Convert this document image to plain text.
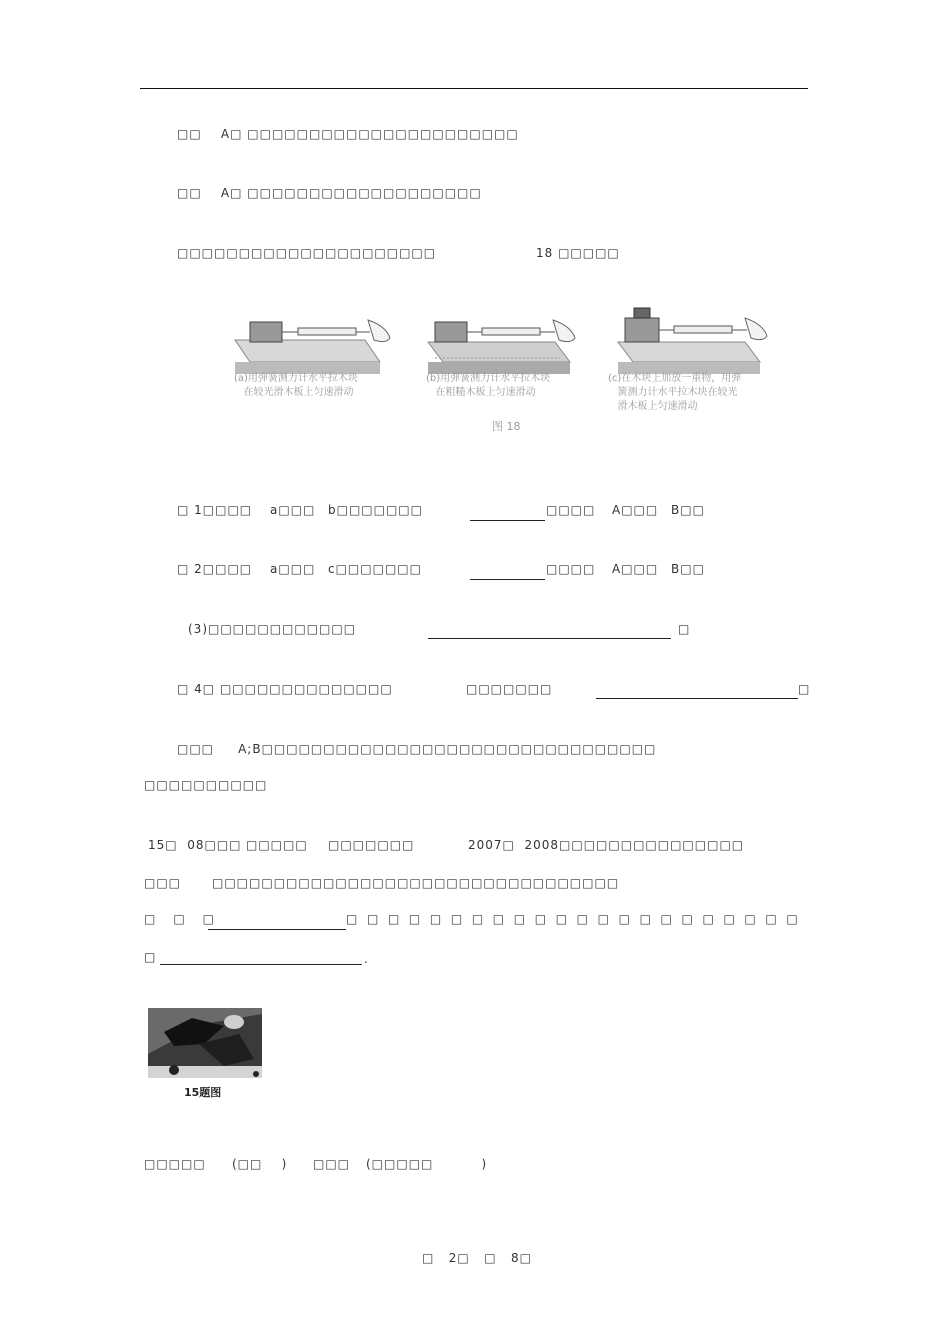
□□    A□ □□□□□□□□□□□□□□□□□□□□□□
□□    A□ □□□□□□□□□□□□□□□□□□□
□□□□□□□□□□□□□□□□□□□□□	18 □□□□□
(a)用弹簧测力计水平拉木块
在较光滑木板上匀速滑动
(b)用弹簧测力计水平拉木块
在粗糙木板上匀速滑动
(c)在木块上加放一重物，用弹
簧测力计水平拉木块在较光
滑木板上匀速滑动
图 18
□ 1□□□□ a□□□ b□□□□□□□	□□□□ A□□□ B□□
□ 2□□□□ a□□□ c□□□□□□□	□□□□ A□□□ B□□
(3)□□□□□□□□□□□□	□
□ 4□ □□□□□□□□□□□□□□	□□□□□□□	□
□□□     A;B□□□□□□□□□□□□□□□□□□□□□□□□□□□□□□□□
□□□□□□□□□□
15□  08□□□ □□□□□ □□□□□□□	2007□  2008□□□□□□□□□□□□□□□
□□□	□□□□□□□□□□□□□□□□□□□□□□□□□□□□□□□□□
□ □ □	□ □ □ □ □ □ □ □ □ □ □ □ □ □ □ □ □ □ □ □ □ □
□	.
15题图
□□□□□ (□□    ) □□□ (□□□□□          )
□   2□   □   8□
